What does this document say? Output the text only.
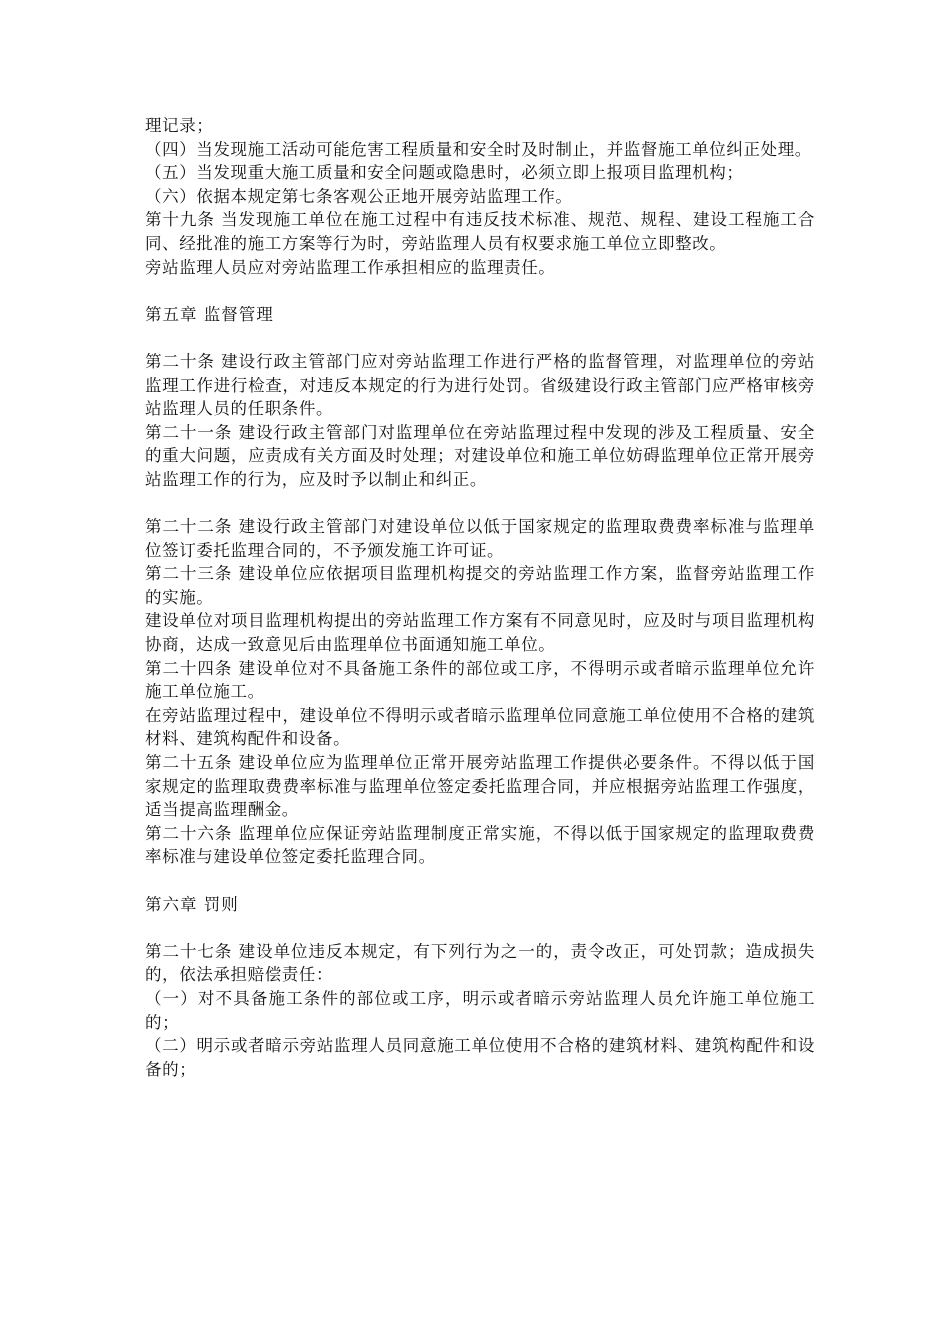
理记录；

（四）当发现施工活动可能危害工程质量和安全时及时制止，并监督施工单位纠正处理。

（五）当发现重大施工质量和安全问题或隐患时，必须立即上报项目监理机构；

（六）依据本规定第七条客观公正地开展旁站监理工作。

第十九条 当发现施工单位在施工过程中有违反技术标准、规范、规程、建设工程施工合同、经批准的施工方案等行为时，旁站监理人员有权要求施工单位立即整改。

旁站监理人员应对旁站监理工作承担相应的监理责任。

第五章 监督管理

第二十条 建设行政主管部门应对旁站监理工作进行严格的监督管理，对监理单位的旁站监理工作进行检查，对违反本规定的行为进行处罚。省级建设行政主管部门应严格审核旁站监理人员的任职条件。

第二十一条 建设行政主管部门对监理单位在旁站监理过程中发现的涉及工程质量、安全的重大问题，应责成有关方面及时处理；对建设单位和施工单位妨碍监理单位正常开展旁站监理工作的行为，应及时予以制止和纠正。

第二十二条 建设行政主管部门对建设单位以低于国家规定的监理取费费率标准与监理单位签订委托监理合同的，不予颁发施工许可证。

第二十三条 建设单位应依据项目监理机构提交的旁站监理工作方案，监督旁站监理工作的实施。

建设单位对项目监理机构提出的旁站监理工作方案有不同意见时，应及时与项目监理机构协商，达成一致意见后由监理单位书面通知施工单位。

第二十四条 建设单位对不具备施工条件的部位或工序，不得明示或者暗示监理单位允许施工单位施工。

在旁站监理过程中，建设单位不得明示或者暗示监理单位同意施工单位使用不合格的建筑材料、建筑构配件和设备。

第二十五条 建设单位应为监理单位正常开展旁站监理工作提供必要条件。不得以低于国家规定的监理取费费率标准与监理单位签定委托监理合同，并应根据旁站监理工作强度，适当提高监理酬金。

第二十六条 监理单位应保证旁站监理制度正常实施，不得以低于国家规定的监理取费费率标准与建设单位签定委托监理合同。

第六章 罚则

第二十七条 建设单位违反本规定，有下列行为之一的，责令改正，可处罚款；造成损失的，依法承担赔偿责任：

（一）对不具备施工条件的部位或工序，明示或者暗示旁站监理人员允许施工单位施工的；

（二）明示或者暗示旁站监理人员同意施工单位使用不合格的建筑材料、建筑构配件和设备的；
